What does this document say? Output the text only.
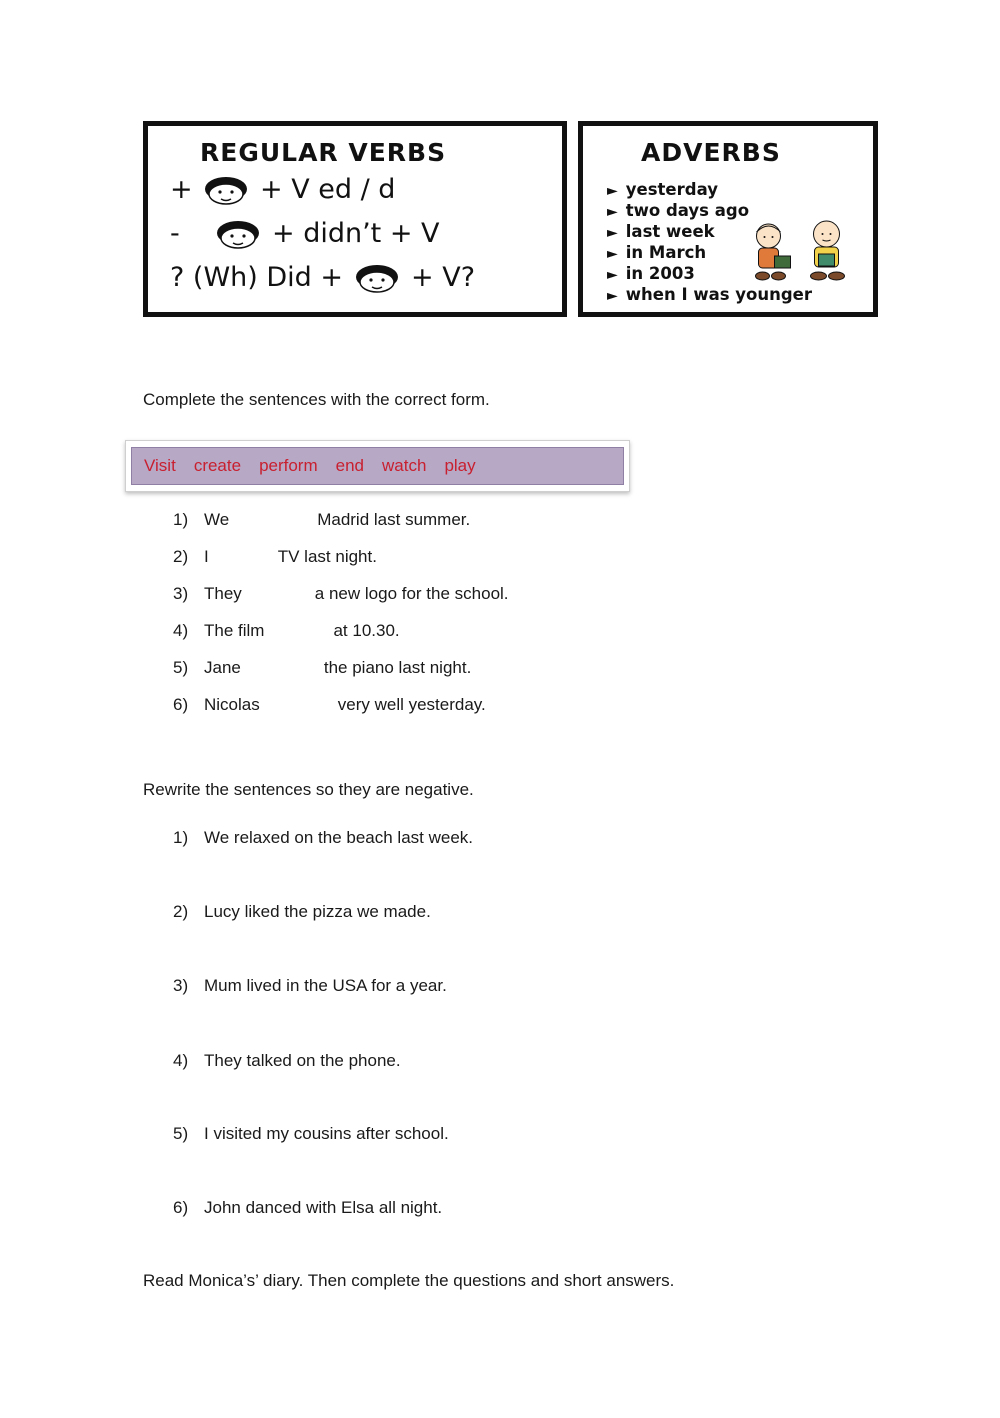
REGULAR VERBS
+ + V ed / d
-	+ didn’t + V
? (Wh) Did +	+ V?
ADVERBS
► yesterday
► two days ago
► last week
► in March
► in 2003
► when I was younger
Complete the sentences with the correct form.
Visit create perform end watch play
1) We	Madrid last summer.
2) I	TV last night.
3) They	a new logo for the school.
4) The film	at 10.30.
5) Jane	the piano last night.
6) Nicolas	very well yesterday.
Rewrite the sentences so they are negative.
1) We relaxed on the beach last week.
2) Lucy liked the pizza we made.
3) Mum lived in the USA for a year.
4) They talked on the phone.
5) I visited my cousins after school.
6) John danced with Elsa all night.
Read Monica’s’ diary. Then complete the questions and short answers.
